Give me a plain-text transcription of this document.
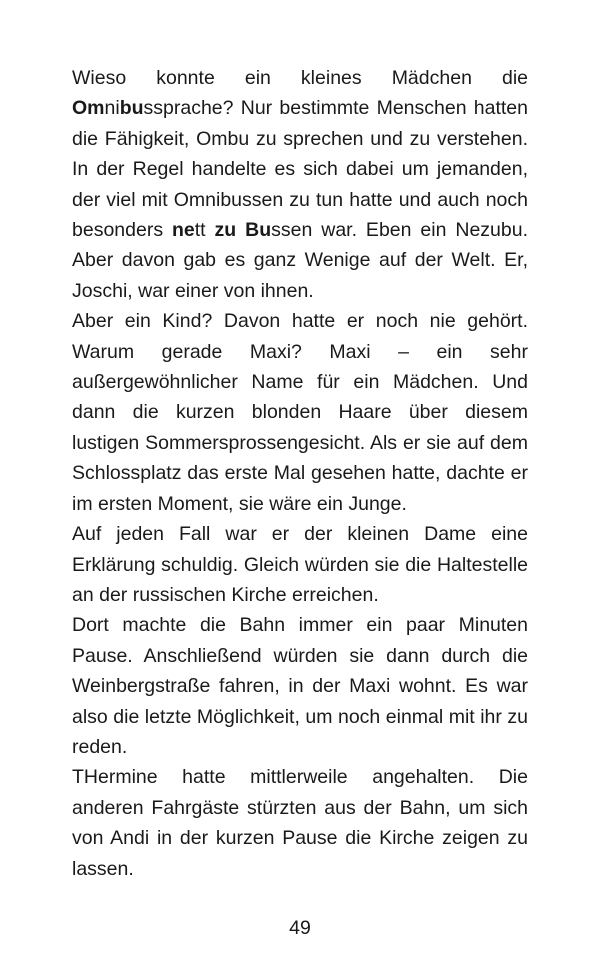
Wieso konnte ein kleines Mädchen die Omnibussprache? Nur bestimmte Menschen hatten die Fähigkeit, Ombu zu sprechen und zu verstehen. In der Regel handelte es sich dabei um jemanden, der viel mit Omnibussen zu tun hatte und auch noch besonders nett zu Bussen war. Eben ein Nezubu. Aber davon gab es ganz Wenige auf der Welt. Er, Joschi, war einer von ihnen.

Aber ein Kind? Davon hatte er noch nie gehört. Warum gerade Maxi? Maxi – ein sehr außergewöhnlicher Name für ein Mädchen. Und dann die kurzen blonden Haare über diesem lustigen Sommersprossengesicht. Als er sie auf dem Schlossplatz das erste Mal gesehen hatte, dachte er im ersten Moment, sie wäre ein Junge.

Auf jeden Fall war er der kleinen Dame eine Erklärung schuldig. Gleich würden sie die Haltestelle an der russischen Kirche erreichen.

Dort machte die Bahn immer ein paar Minuten Pause. Anschließend würden sie dann durch die Weinbergstraße fahren, in der Maxi wohnt. Es war also die letzte Möglichkeit, um noch einmal mit ihr zu reden.

THermine hatte mittlerweile angehalten. Die anderen Fahrgäste stürzten aus der Bahn, um sich von Andi in der kurzen Pause die Kirche zeigen zu lassen.

49
